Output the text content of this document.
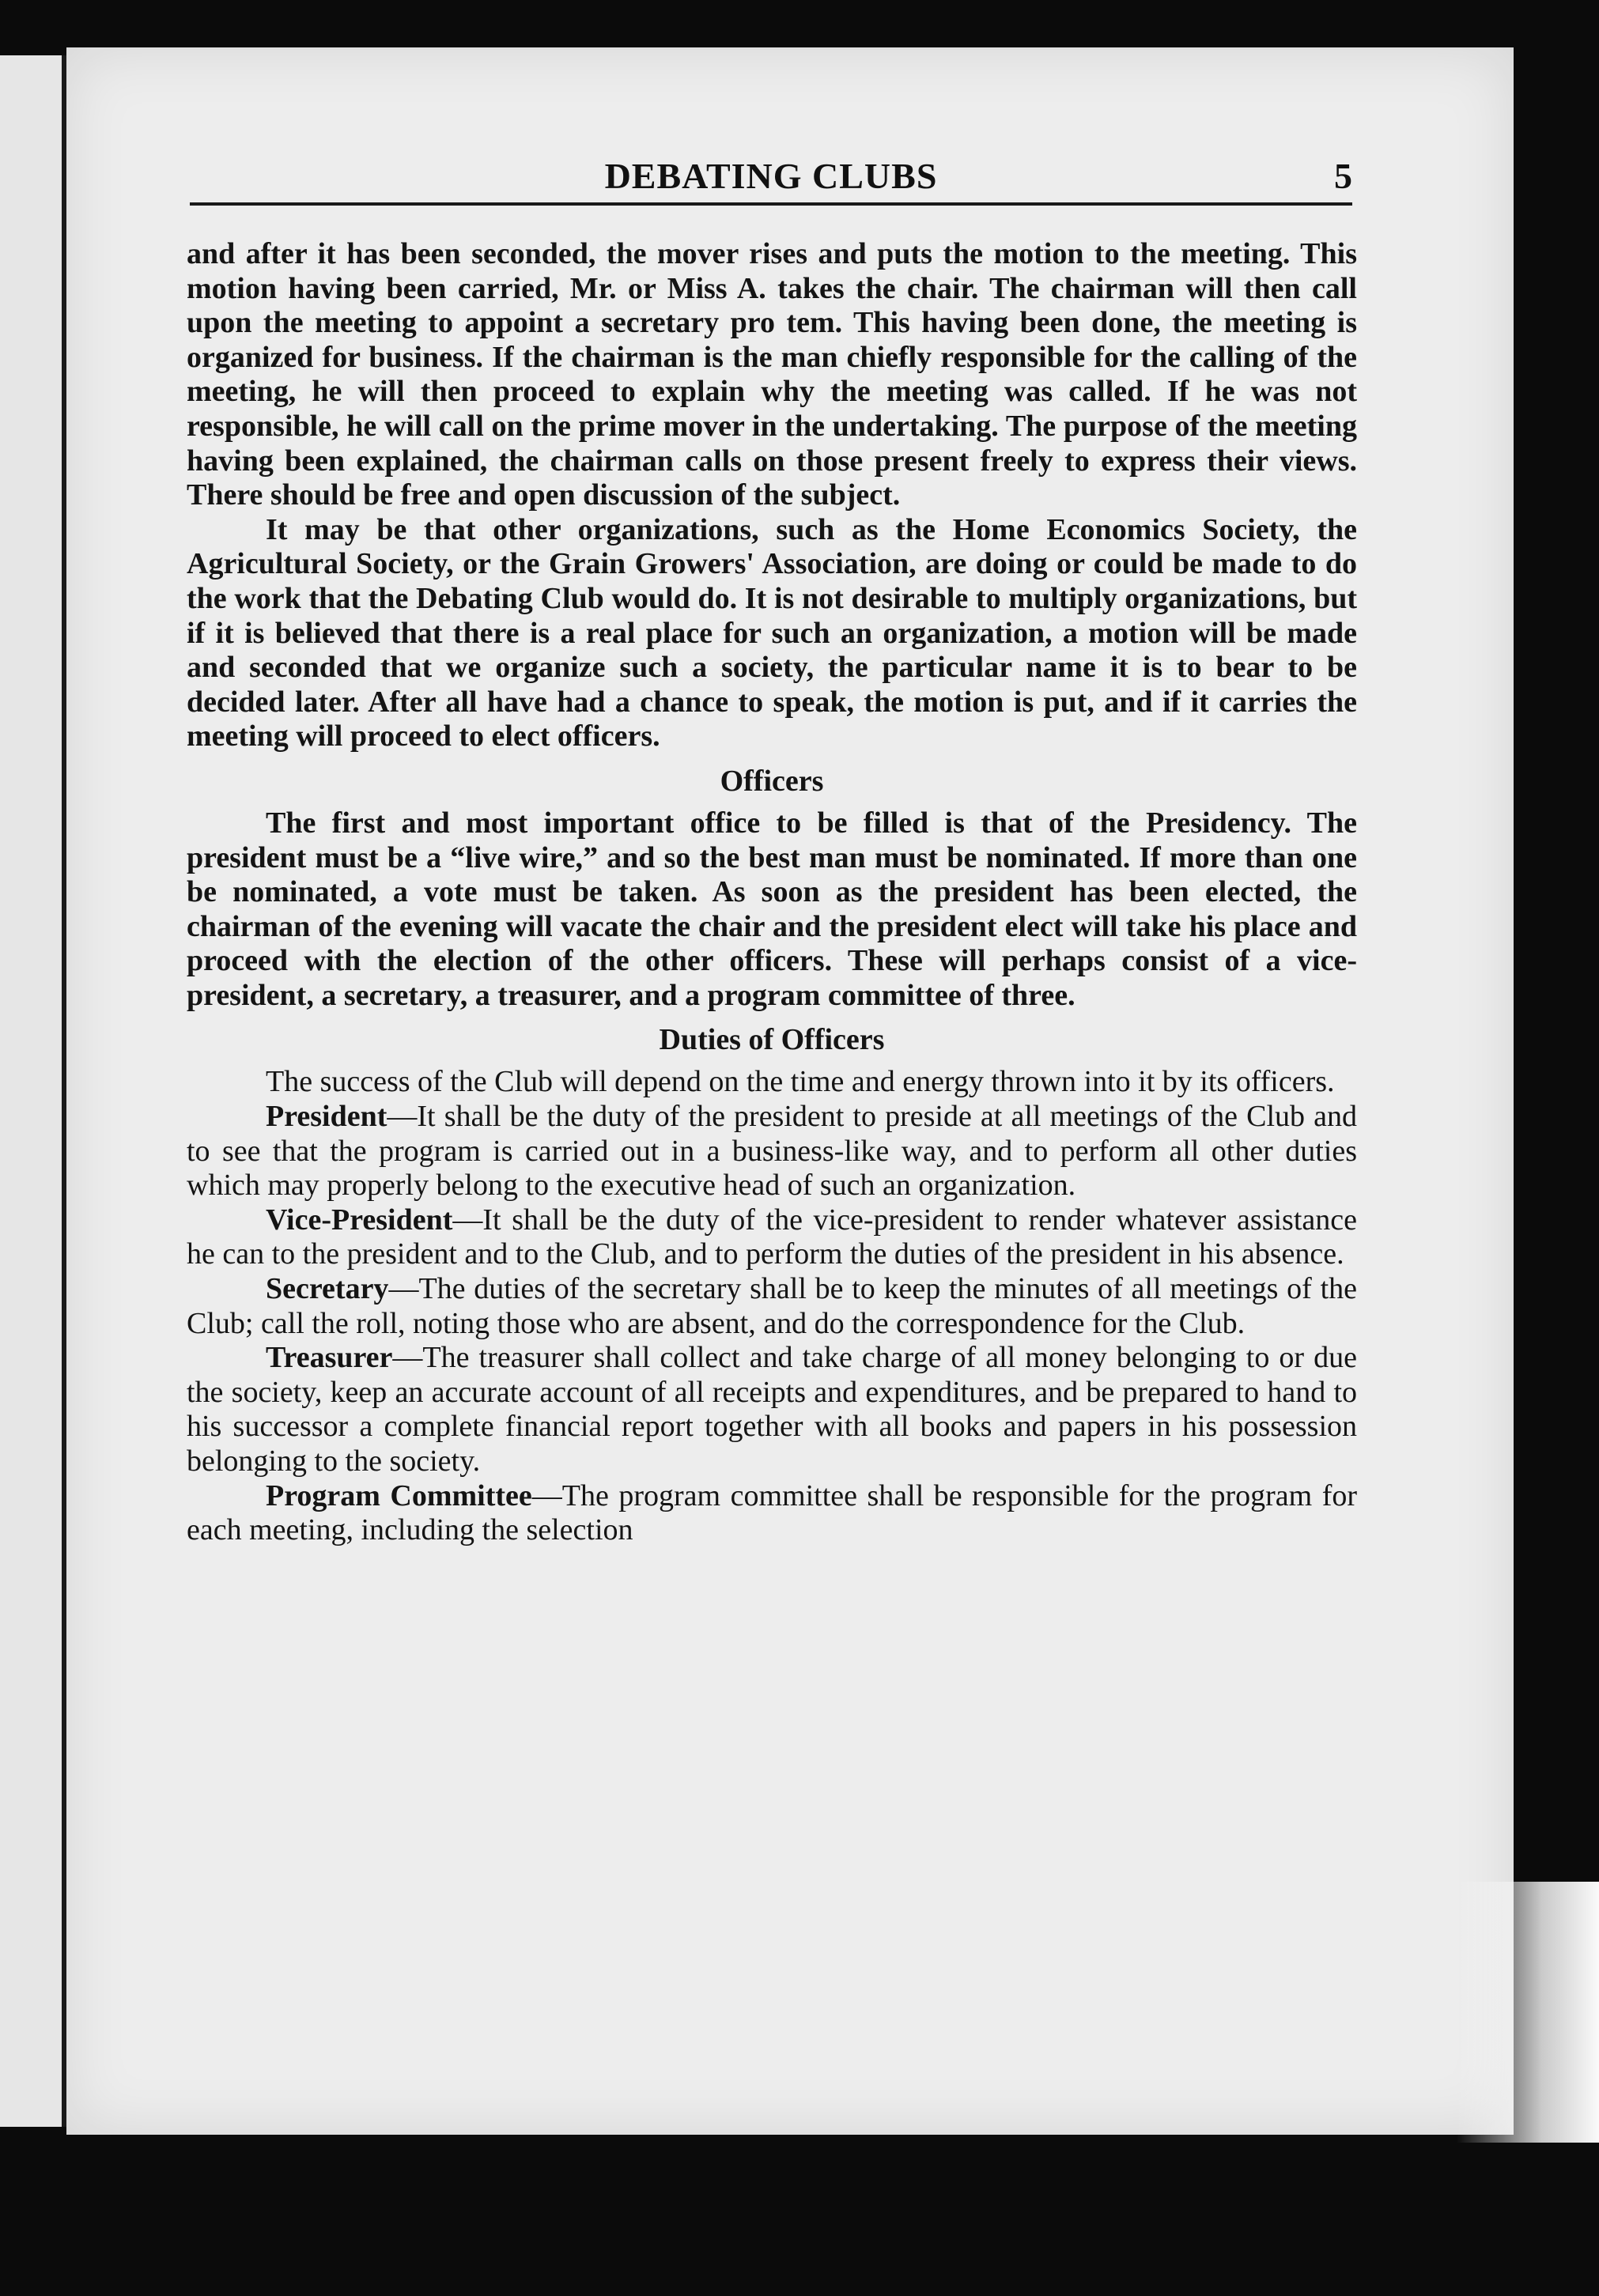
DEBATING CLUBS	5

and after it has been seconded, the mover rises and puts the motion to the meeting. This motion having been carried, Mr. or Miss A. takes the chair. The chairman will then call upon the meeting to appoint a secretary pro tem. This having been done, the meeting is organized for business. If the chairman is the man chiefly responsible for the calling of the meeting, he will then proceed to explain why the meeting was called. If he was not responsible, he will call on the prime mover in the undertaking. The purpose of the meeting having been explained, the chairman calls on those present freely to express their views. There should be free and open discussion of the subject.

It may be that other organizations, such as the Home Economics Society, the Agricultural Society, or the Grain Growers' Association, are doing or could be made to do the work that the Debating Club would do. It is not desirable to multiply organizations, but if it is believed that there is a real place for such an organization, a motion will be made and seconded that we organize such a society, the particular name it is to bear to be decided later. After all have had a chance to speak, the motion is put, and if it carries the meeting will proceed to elect officers.

Officers

The first and most important office to be filled is that of the Presidency. The president must be a “live wire,” and so the best man must be nominated. If more than one be nominated, a vote must be taken. As soon as the president has been elected, the chairman of the evening will vacate the chair and the president elect will take his place and proceed with the election of the other officers. These will perhaps consist of a vice-president, a secretary, a treasurer, and a program committee of three.

Duties of Officers

The success of the Club will depend on the time and energy thrown into it by its officers.

President—It shall be the duty of the president to preside at all meetings of the Club and to see that the program is carried out in a business-like way, and to perform all other duties which may properly belong to the executive head of such an organization.

Vice-President—It shall be the duty of the vice-president to render whatever assistance he can to the president and to the Club, and to perform the duties of the president in his absence.

Secretary—The duties of the secretary shall be to keep the minutes of all meetings of the Club; call the roll, noting those who are absent, and do the correspondence for the Club.

Treasurer—The treasurer shall collect and take charge of all money belonging to or due the society, keep an accurate account of all receipts and expenditures, and be prepared to hand to his successor a complete financial report together with all books and papers in his possession belonging to the society.

Program Committee—The program committee shall be responsible for the program for each meeting, including the selection
